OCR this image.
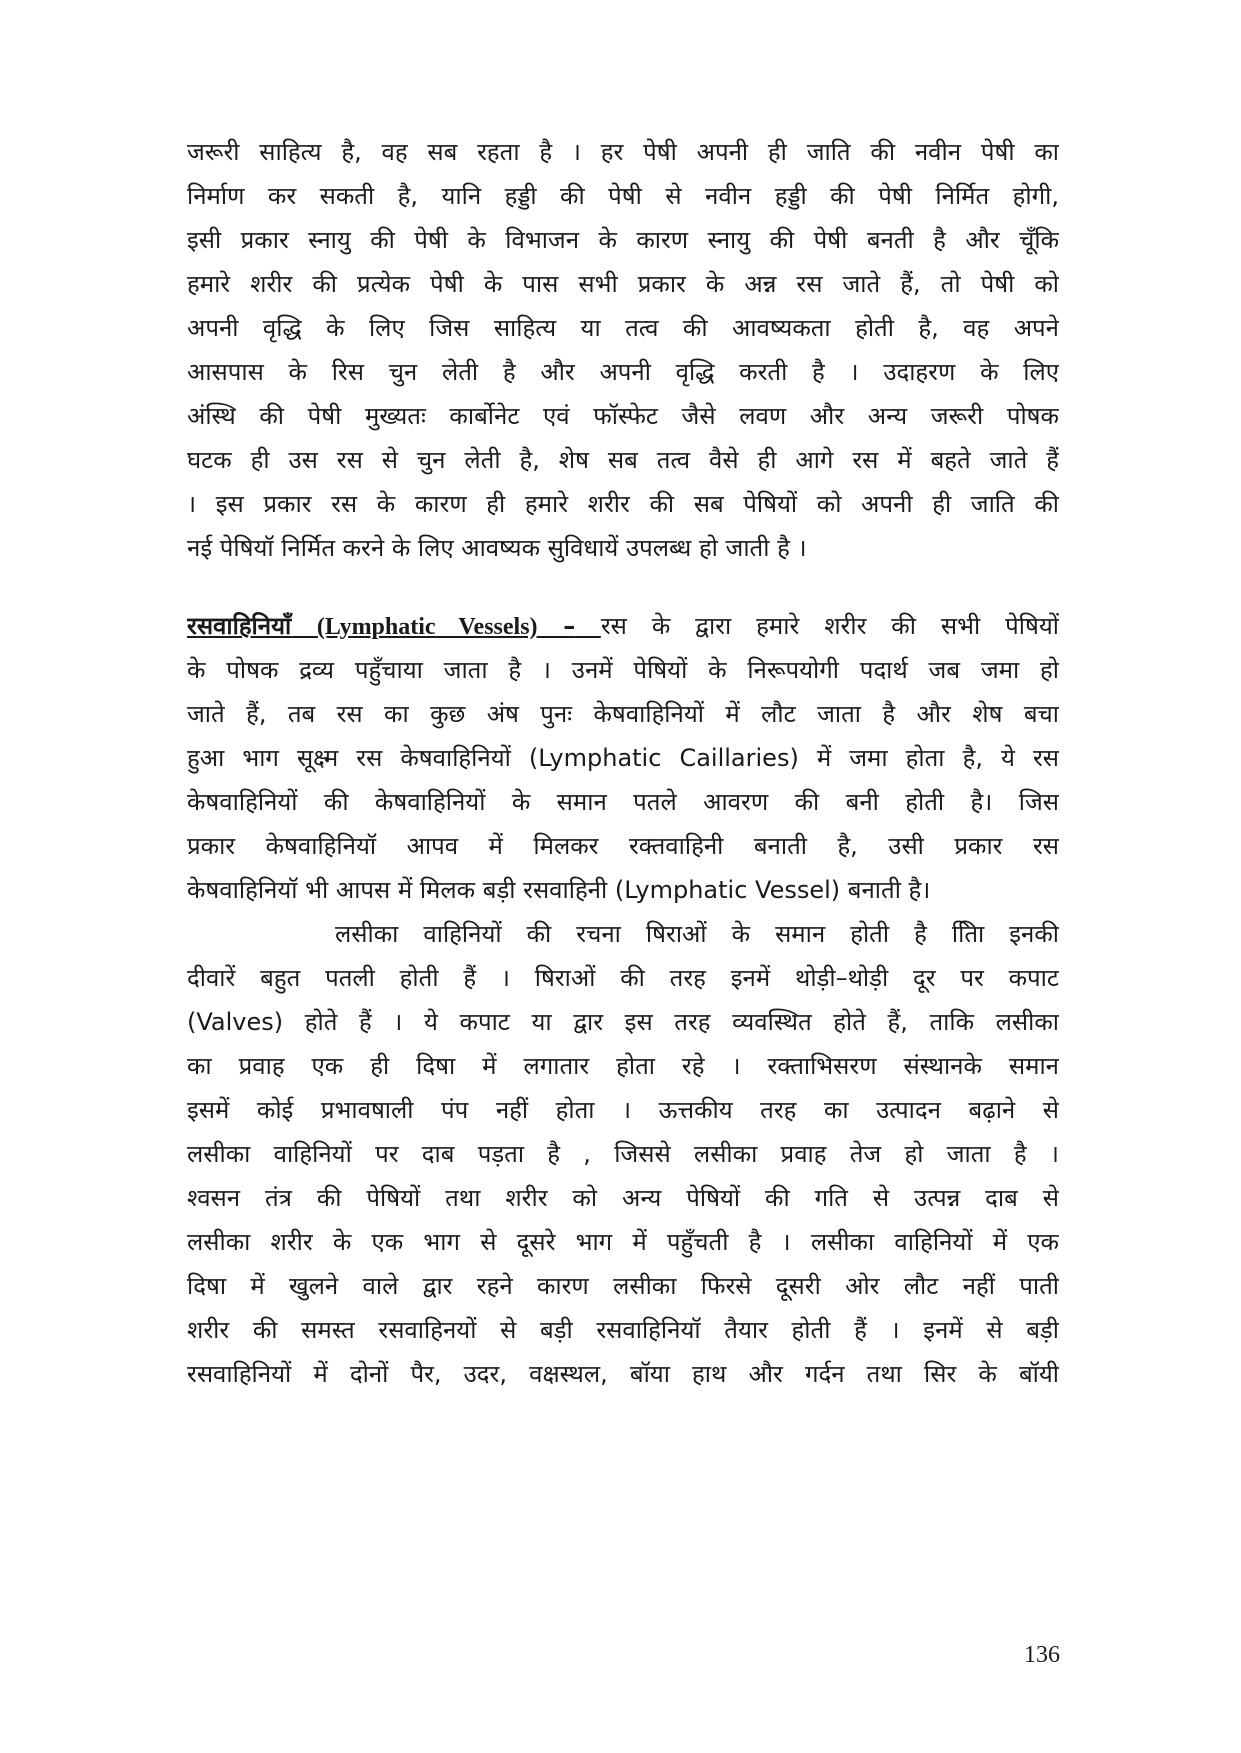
जरूरी साहित्य है, वह सब रहता है । हर पेषी अपनी ही जाति की नवीन पेषी का
निर्माण कर सकती है, यानि हड्डी की पेषी से नवीन हड्डी की पेषी निर्मित होगी,
इसी प्रकार स्नायु की पेषी के विभाजन के कारण स्नायु की पेषी बनती है और चूँकि
हमारे शरीर की प्रत्येक पेषी के पास सभी प्रकार के अन्न रस जाते हैं, तो पेषी को
अपनी वृद्धि के लिए जिस साहित्य या तत्व की आवष्यकता होती है, वह अपने
आसपास के रिस चुन लेती है और अपनी वृद्धि करती है । उदाहरण के लिए
अंस्थि की पेषी मुख्यतः कार्बोनेट एवं फॉस्फेट जैसे लवण और अन्य जरूरी पोषक
घटक ही उस रस से चुन लेती है, शेष सब तत्व वैसे ही आगे रस में बहते जाते हैं
। इस प्रकार रस के कारण ही हमारे शरीर की सब पेषियों को अपनी ही जाति की
नई पेषियॉ निर्मित करने के लिए आवष्यक सुविधायें उपलब्ध हो जाती है ।
रसवाहिनियॉं (Lymphatic Vessels) – रस के द्वारा हमारे शरीर की सभी पेषियों
के पोषक द्रव्य पहुँचाया जाता है । उनमें पेषियों के निरूपयोगी पदार्थ जब जमा हो
जाते हैं, तब रस का कुछ अंष पुनः केषवाहिनियों में लौट जाता है और शेष बचा
हुआ भाग सूक्ष्म रस केषवाहिनियों (Lymphatic Caillaries) में जमा होता है, ये रस
केषवाहिनियों की केषवाहिनियों के समान पतले आवरण की बनी होती है। जिस
प्रकार केषवाहिनियॉ आपव में मिलकर रक्तवाहिनी बनाती है, उसी प्रकार रस
केषवाहिनियॉ भी आपस में मिलक बड़ी रसवाहिनी (Lymphatic Vessel) बनाती है।
लसीका वाहिनियों की रचना षिराओं के समान होती है तिाि इनकी
दीवारें बहुत पतली होती हैं । षिराओं की तरह इनमें थोड़ी–थोड़ी दूर पर कपाट
(Valves) होते हैं । ये कपाट या द्वार इस तरह व्यवस्थित होते हैं, ताकि लसीका
का प्रवाह एक ही दिषा में लगातार होता रहे । रक्ताभिसरण संस्थानके समान
इसमें कोई प्रभावषाली पंप नहीं होता । ऊत्तकीय तरह का उत्पादन बढ़ाने से
लसीका वाहिनियों पर दाब पड़ता है , जिससे लसीका प्रवाह तेज हो जाता है ।
श्वसन तंत्र की पेषियों तथा शरीर को अन्य पेषियों की गति से उत्पन्न दाब से
लसीका शरीर के एक भाग से दूसरे भाग में पहुँचती है । लसीका वाहिनियों में एक
दिषा में खुलने वाले द्वार रहने कारण लसीका फिरसे दूसरी ओर लौट नहीं पाती
शरीर की समस्त रसवाहिनयों से बड़ी रसवाहिनियॉ तैयार होती हैं । इनमें से बड़ी
रसवाहिनियों में दोनों पैर, उदर, वक्षस्थल, बॉया हाथ और गर्दन तथा सिर के बॉयी
136
